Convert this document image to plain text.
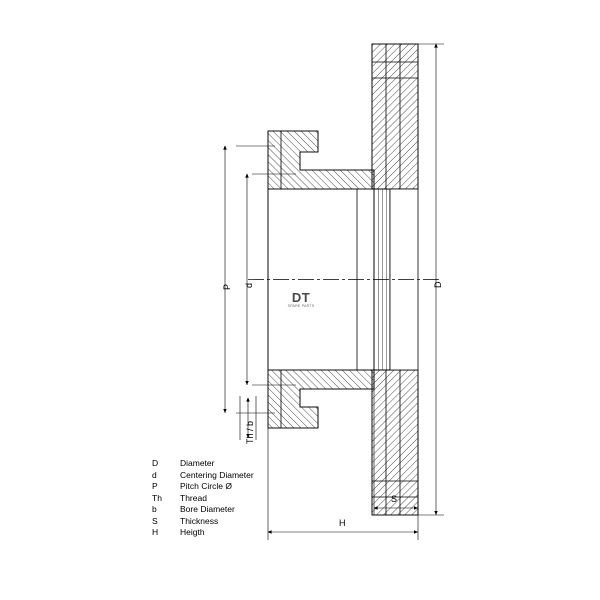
DT
SPARE PARTS
P d	D
Th / b
S
H
D	Diameter
d	Centering Diameter
P	Pitch Circle Ø
Th	Thread
b	Bore Diameter
S	Thickness
H	Heigth
